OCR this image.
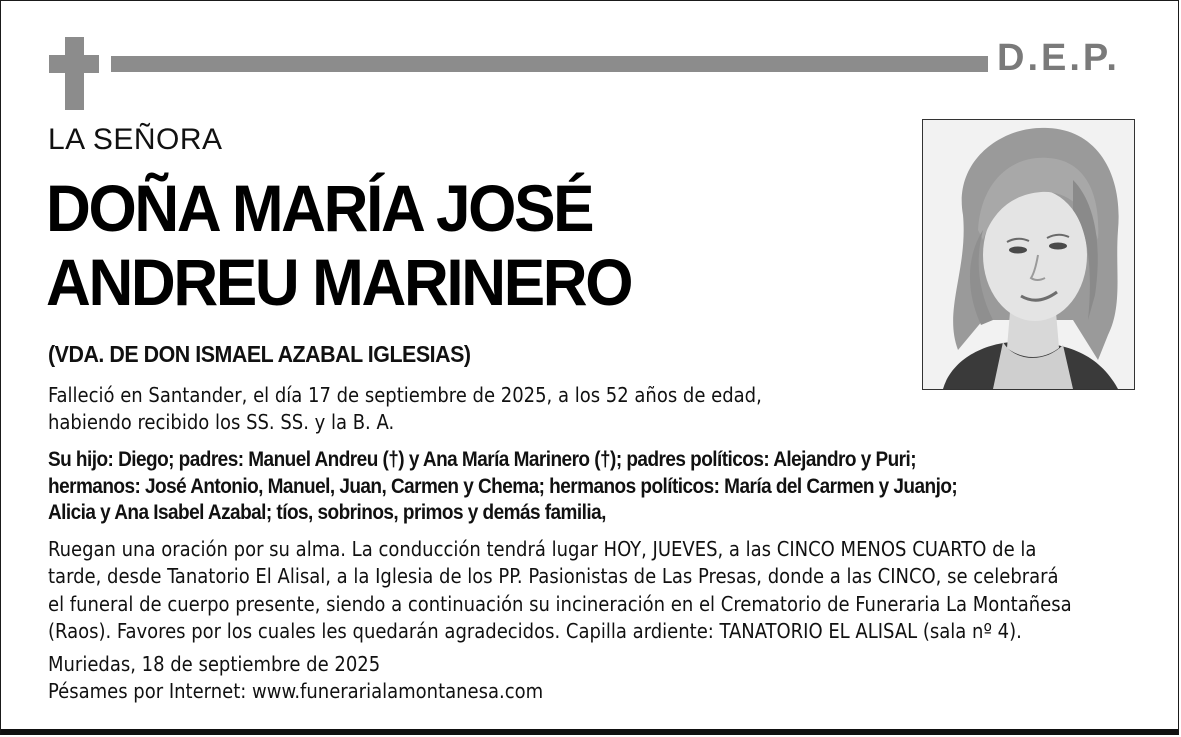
D.E.P.
LA SEÑORA
DOÑA MARÍA JOSÉ
ANDREU MARINERO
(VDA. DE DON ISMAEL AZABAL IGLESIAS)
Falleció en Santander, el día 17 de septiembre de 2025, a los 52 años de edad,
habiendo recibido los SS. SS. y la B. A.
Su hijo: Diego; padres: Manuel Andreu (†) y Ana María Marinero (†); padres políticos: Alejandro y Puri;
hermanos: José Antonio, Manuel, Juan, Carmen y Chema; hermanos políticos: María del Carmen y Juanjo;
Alicia y Ana Isabel Azabal; tíos, sobrinos, primos y demás familia,
Ruegan una oración por su alma. La conducción tendrá lugar HOY, JUEVES, a las CINCO MENOS CUARTO de la
tarde, desde Tanatorio El Alisal, a la Iglesia de los PP. Pasionistas de Las Presas, donde a las CINCO, se celebrará
el funeral de cuerpo presente, siendo a continuación su incineración en el Crematorio de Funeraria La Montañesa
(Raos). Favores por los cuales les quedarán agradecidos. Capilla ardiente: TANATORIO EL ALISAL (sala nº 4).
Muriedas, 18 de septiembre de 2025
Pésames por Internet: www.funerarialamontanesa.com
